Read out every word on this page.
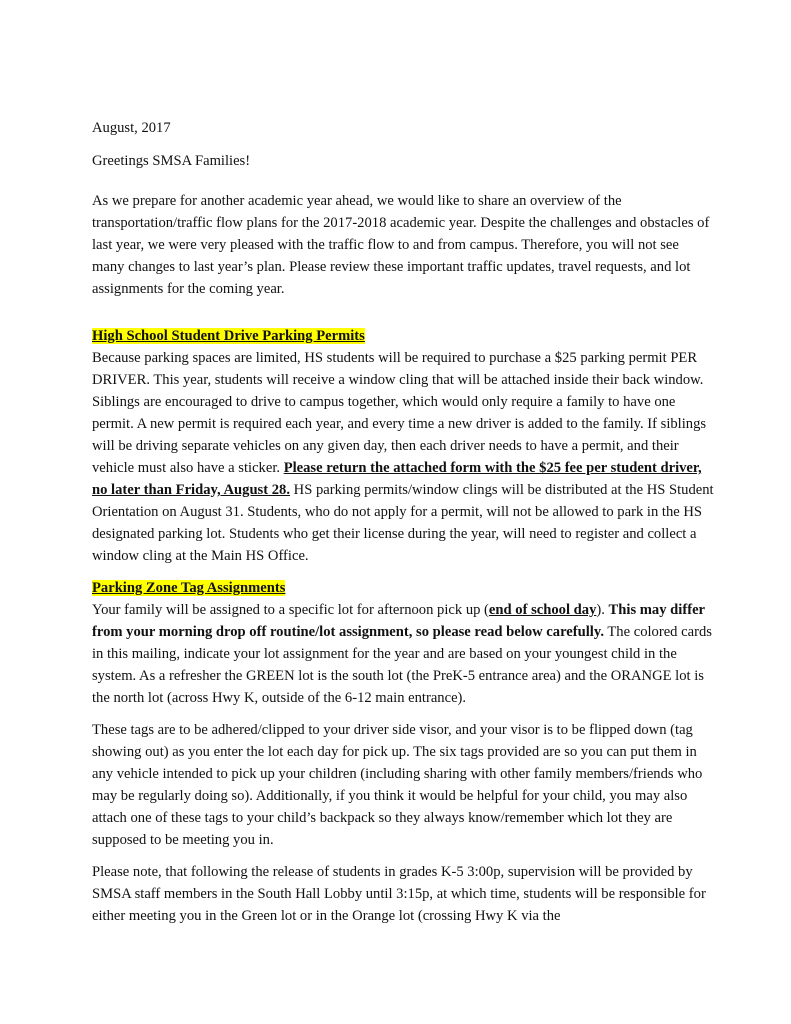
August, 2017

Greetings SMSA Families!

As we prepare for another academic year ahead, we would like to share an overview of the transportation/traffic flow plans for the 2017-2018 academic year. Despite the challenges and obstacles of last year, we were very pleased with the traffic flow to and from campus. Therefore, you will not see many changes to last year’s plan. Please review these important traffic updates, travel requests, and lot assignments for the coming year.

High School Student Drive Parking Permits

Because parking spaces are limited, HS students will be required to purchase a $25 parking permit PER DRIVER. This year, students will receive a window cling that will be attached inside their back window. Siblings are encouraged to drive to campus together, which would only require a family to have one permit. A new permit is required each year, and every time a new driver is added to the family. If siblings will be driving separate vehicles on any given day, then each driver needs to have a permit, and their vehicle must also have a sticker. Please return the attached form with the $25 fee per student driver, no later than Friday, August 28. HS parking permits/window clings will be distributed at the HS Student Orientation on August 31. Students, who do not apply for a permit, will not be allowed to park in the HS designated parking lot. Students who get their license during the year, will need to register and collect a window cling at the Main HS Office.

Parking Zone Tag Assignments

Your family will be assigned to a specific lot for afternoon pick up (end of school day). This may differ from your morning drop off routine/lot assignment, so please read below carefully. The colored cards in this mailing, indicate your lot assignment for the year and are based on your youngest child in the system. As a refresher the GREEN lot is the south lot (the PreK-5 entrance area) and the ORANGE lot is the north lot (across Hwy K, outside of the 6-12 main entrance).

These tags are to be adhered/clipped to your driver side visor, and your visor is to be flipped down (tag showing out) as you enter the lot each day for pick up. The six tags provided are so you can put them in any vehicle intended to pick up your children (including sharing with other family members/friends who may be regularly doing so). Additionally, if you think it would be helpful for your child, you may also attach one of these tags to your child’s backpack so they always know/remember which lot they are supposed to be meeting you in.

Please note, that following the release of students in grades K-5 3:00p, supervision will be provided by SMSA staff members in the South Hall Lobby until 3:15p, at which time, students will be responsible for either meeting you in the Green lot or in the Orange lot (crossing Hwy K via the
